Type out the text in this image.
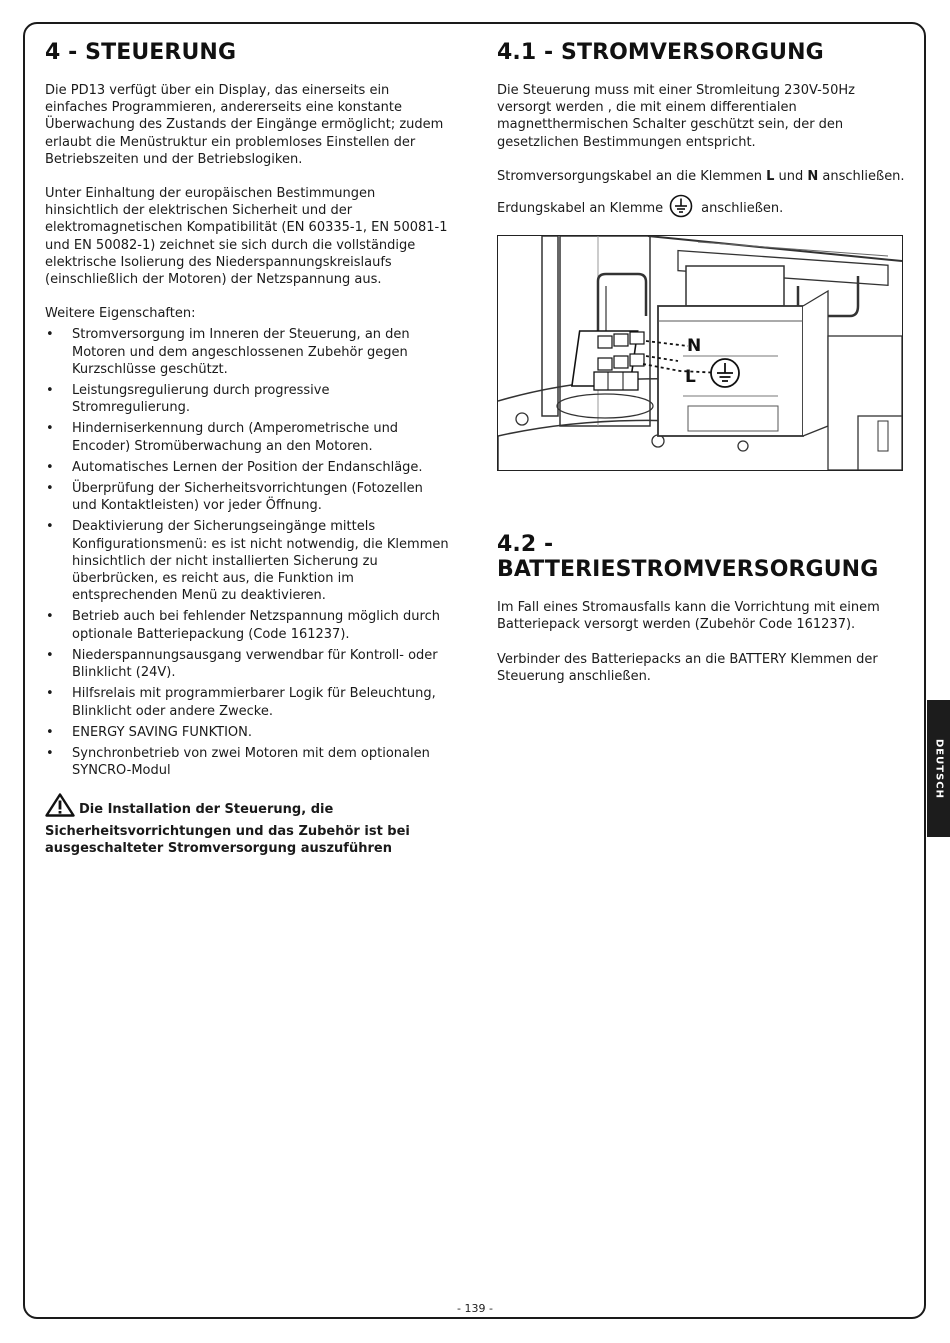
4 - STEUERUNG

Die PD13 verfügt über ein Display, das einerseits ein einfaches Programmieren, andererseits eine konstante Überwachung des Zustands der Eingänge ermöglicht; zudem erlaubt die Menüstruktur ein problemloses Einstellen der Betriebszeiten und der Betriebslogiken.

Unter Einhaltung der europäischen Bestimmungen hinsichtlich der elektrischen Sicherheit und der elektromagnetischen Kompatibilität (EN 60335-1, EN 50081-1 und EN 50082-1) zeichnet sie sich durch die vollständige elektrische Isolierung des Niederspannungskreislaufs (einschließlich der Motoren) der Netzspannung aus.

Weitere Eigenschaften:

• Stromversorgung im Inneren der Steuerung, an den Motoren und dem angeschlossenen Zubehör gegen Kurzschlüsse geschützt.
• Leistungsregulierung durch progressive Stromregulierung.
• Hinderniserkennung durch (Amperometrische und Encoder) Stromüberwachung an den Motoren.
• Automatisches Lernen der Position der Endanschläge.
• Überprüfung der Sicherheitsvorrichtungen (Fotozellen und Kontaktleisten) vor jeder Öffnung.
• Deaktivierung der Sicherungseingänge mittels Konfigurationsmenü: es ist nicht notwendig, die Klemmen hinsichtlich der nicht installierten Sicherung zu überbrücken, es reicht aus, die Funktion im entsprechenden Menü zu deaktivieren.
• Betrieb auch bei fehlender Netzspannung möglich durch optionale Batteriepackung (Code 161237).
• Niederspannungsausgang verwendbar für Kontroll- oder Blinklicht (24V).
• Hilfsrelais mit programmierbarer Logik für Beleuchtung, Blinklicht oder andere Zwecke.
• ENERGY SAVING FUNKTION.
• Synchronbetrieb von zwei Motoren mit dem optionalen SYNCRO-Modul
Die Installation der Steuerung, die Sicherheitsvorrichtungen und das Zubehör ist bei ausgeschalteter Stromversorgung auszuführen
4.1 - STROMVERSORGUNG

Die Steuerung muss mit einer Stromleitung 230V-50Hz versorgt werden , die mit einem differentialen magnetthermischen Schalter geschützt sein, der den gesetzlichen Bestimmungen entspricht.

Stromversorgungskabel an die Klemmen L und N anschließen.

Erdungskabel an Klemme	anschließen.

N
L
4.2 - BATTERIESTROMVERSORGUNG

Im Fall eines Stromausfalls kann die Vorrichtung mit einem Batteriepack versorgt werden (Zubehör Code 161237).

Verbinder des Batteriepacks an die BATTERY Klemmen der Steuerung anschließen.

DEUTSCH
- 139 -
